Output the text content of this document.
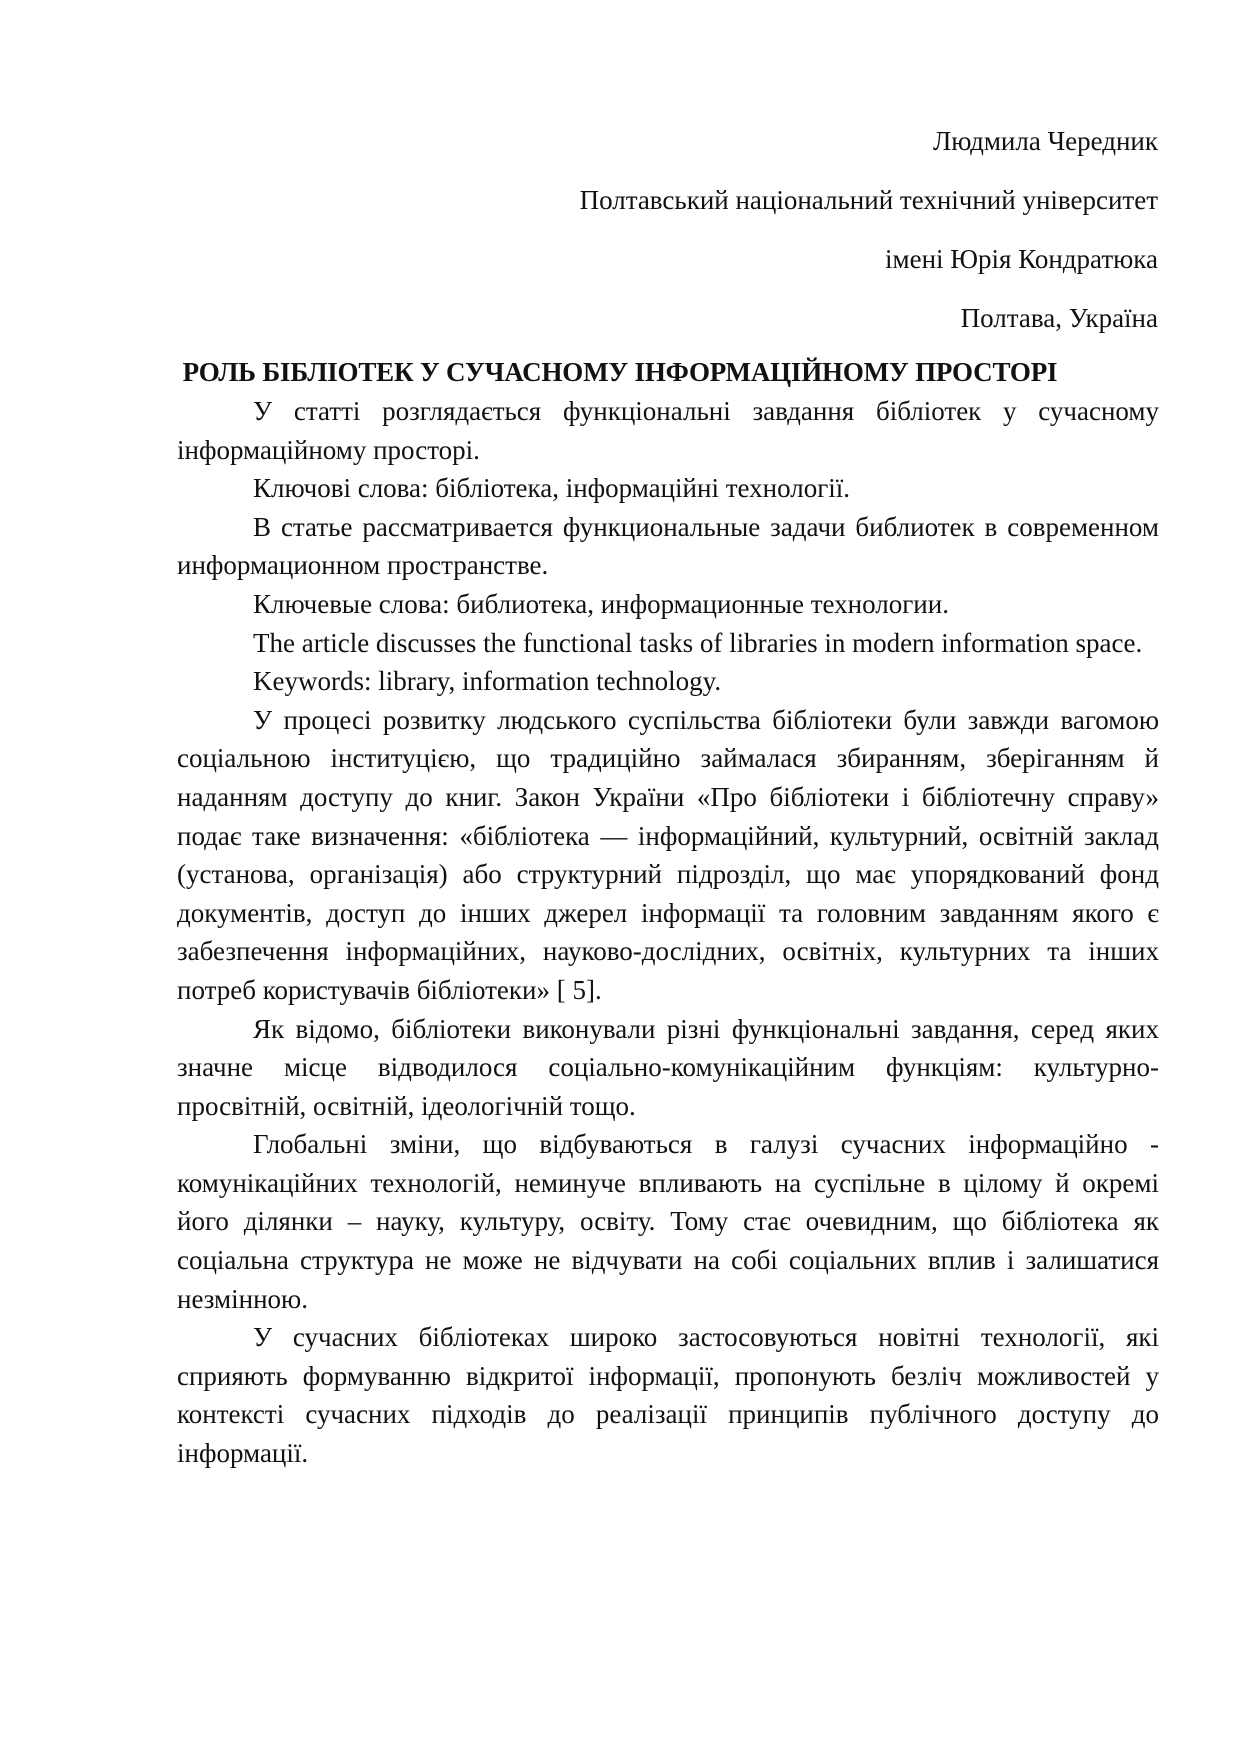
Людмила Чередник
Полтавський національний технічний університет
імені Юрія Кондратюка
Полтава, Україна
РОЛЬ БІБЛІОТЕК У СУЧАСНОМУ ІНФОРМАЦІЙНОМУ ПРОСТОРІ

У статті розглядається функціональні завдання бібліотек у сучасному інформаційному просторі.

Ключові слова: бібліотека, інформаційні технології.

В статье рассматривается функциональные задачи библиотек в современном информационном пространстве.

Ключевые слова: библиотека, информационные технологии.

The article discusses the functional tasks of libraries in modern information space.

Keywords: library, information technology.

У процесі розвитку людського суспільства бібліотеки були завжди вагомою соціальною інституцією, що традиційно займалася збиранням, зберіганням й наданням доступу до книг. Закон України «Про бібліотеки і бібліотечну справу» подає таке визначення: «бібліотека — інформаційний, культурний, освітній заклад (установа, організація) або структурний підрозділ, що має упорядкований фонд документів, доступ до інших джерел інформації та головним завданням якого є забезпечення інформаційних, науково-дослідних, освітніх, культурних та інших потреб користувачів бібліотеки» [ 5].

Як відомо, бібліотеки виконували різні функціональні завдання, серед яких значне місце відводилося соціально-комунікаційним функціям: культурно-просвітній, освітній, ідеологічній тощо.

Глобальні зміни, що відбуваються в галузі сучасних інформаційно - комунікаційних технологій, неминуче впливають на суспільне в цілому й окремі його ділянки – науку, культуру, освіту. Тому стає очевидним, що бібліотека як соціальна структура не може не відчувати на собі соціальних вплив і залишатися незмінною.

У сучасних бібліотеках широко застосовуються новітні технології, які сприяють формуванню відкритої інформації, пропонують безліч можливостей у контексті сучасних підходів до реалізації принципів публічного доступу до інформації.
